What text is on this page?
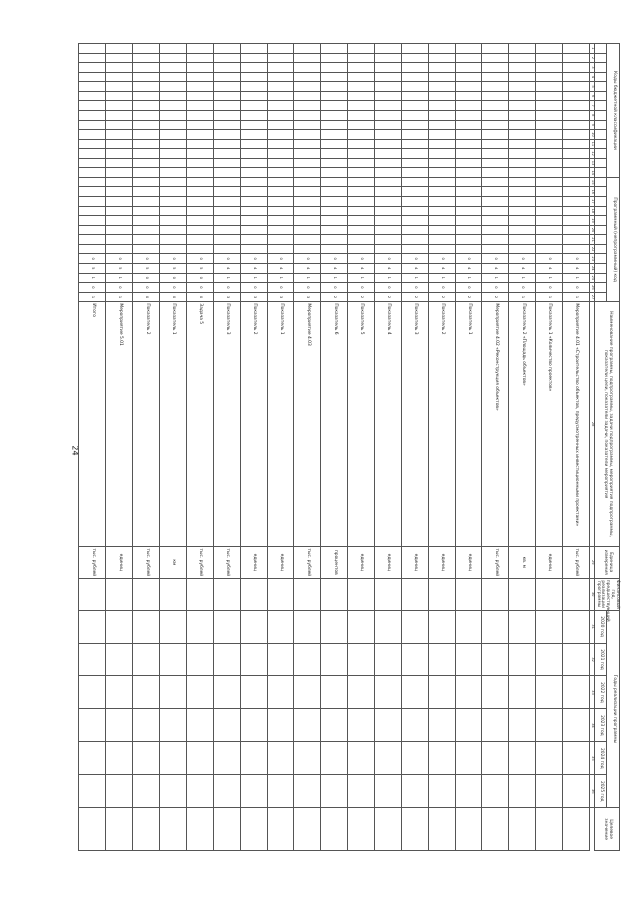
24
Коды бюджетной классификации														Программный (непрограммный) код													Наименование программы, подпрограммы, задачи подпрограммы, мероприятия подпрограммы, показатели цели, показатели задачи, показатели мероприятия	Единица измерения	Финансовый год, предшествующий реализации программы	Годы реализации программы						Целевое значение
																														2020 год	2021 год	2022 год	2023 год	2024 год	2025 год	
1	2	3	4	5	6	7	8	9	10	11	12	13	14	15	16	17	18	19	20	21	22	23	24	25	26	27	28	29	30	31	32	33	34	35	36	
																						0	4	1	0	1	Мероприятие 4.01 «Строительство объектов, предусмотренных инвестиционными проектами»	тыс. рублей								
																						0	4	1	0	1	Показатель 1 «Количество проектов»	единиц								
																						0	4	1	0	1	Показатель 2 «Площадь объектов»	кв. м								
																						0	4	1	0	2	Мероприятие 4.02 «Реконструкция объектов»	тыс. рублей								
																						0	4	1	0	2	Показатель 1	единиц								
																						0	4	1	0	2	Показатель 2	единиц								
																						0	4	1	0	2	Показатель 3	единиц								
																						0	4	1	0	2	Показатель 4	единиц								
																						0	4	1	0	2	Показатель 5	единиц								
																						0	4	1	0	2	Показатель 6	процентов								
																						0	4	1	0	3	Мероприятие 4.03	тыс. рублей								
																						0	4	1	0	3	Показатель 1	единиц								
																						0	4	1	0	3	Показатель 2	единиц								
																						0	4	1	0	3	Показатель 3	тыс. рублей								
																						0	5	0	0	0	Задача 5	тыс. рублей								
																						0	5	0	0	0	Показатель 1	км								
																						0	5	0	0	0	Показатель 2	тыс. рублей								
																						0	5	1	0	1	Мероприятие 5.01	единиц								
																						0	5	1	0	1	Итого	тыс. рублей								
